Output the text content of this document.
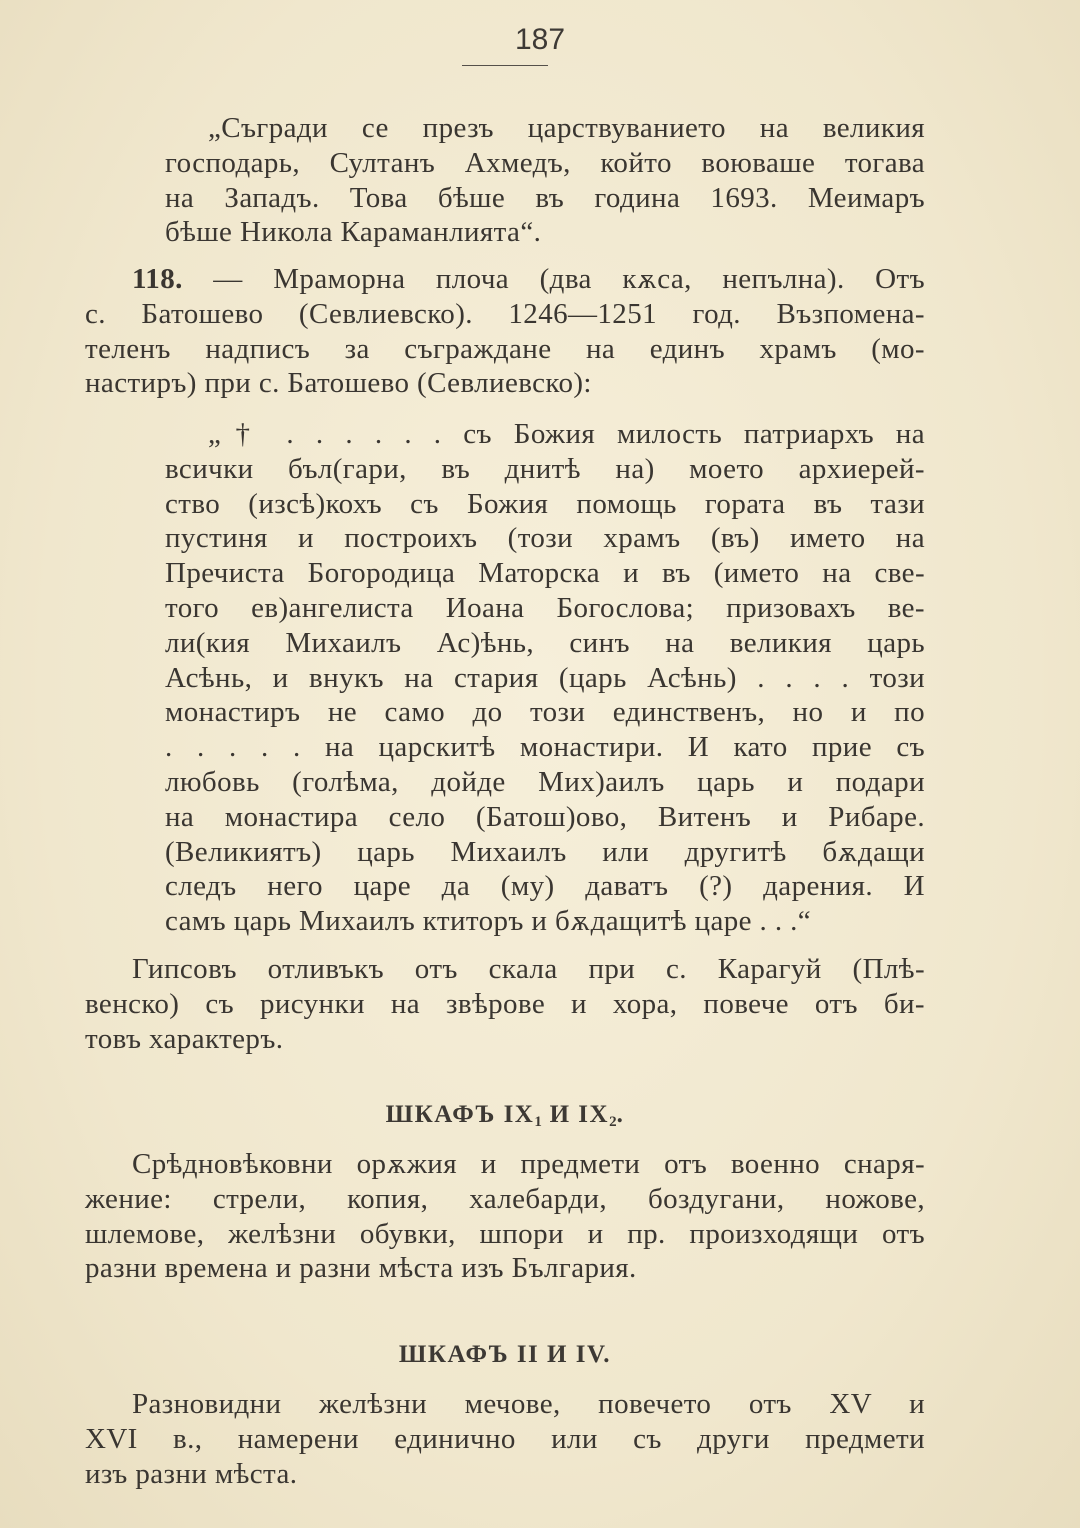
187
„Съгради се презъ царствуванието на великия
господарь, Султанъ Ахмедъ, който воюваше тогава
на Западъ. Това бѣше въ година 1693. Меимаръ
бѣше Никола Караманлията“.
118. — Мраморна плоча (два кѫса, непълна). Отъ
с. Батошево (Севлиевско). 1246—1251 год. Възпомена-
теленъ надписъ за съграждане на единъ храмъ (мо-
настиръ) при с. Батошево (Севлиевско):
„† . . . . . . съ Божия милость патриархъ на
всички бъл(гари, въ днитѣ на) моето архиерей-
ство (изсѣ)кохъ съ Божия помощь гората въ тази
пустиня и построихъ (този храмъ (въ) името на
Пречиста Богородица Маторска и въ (името на све-
того ев)ангелиста Иоана Богослова; призовахъ ве-
ли(кия Михаилъ Ас)ѣнь, синъ на великия царь
Асѣнь, и внукъ на стария (царь Асѣнь) . . . . този
монастиръ не само до този единственъ, но и по
. . . . . на царскитѣ монастири. И като прие съ
любовь (голѣма, дойде Мих)аилъ царь и подари
на монастира село (Батош)ово, Витенъ и Рибаре.
(Великиятъ) царь Михаилъ или другитѣ бѫдащи
следъ него царе да (му) даватъ (?) дарения. И
самъ царь Михаилъ ктиторъ и бѫдащитѣ царе . . .“
Гипсовъ отливъкъ отъ скала при с. Карагуй (Плѣ-
венско) съ рисунки на звѣрове и хора, повече отъ би-
товъ характеръ.
ШКАФЪ $IX_1$ И $IX_2$.
Срѣдновѣковни орѫжия и предмети отъ военно снаря-
жение: стрели, копия, халебарди, боздугани, ножове,
шлемове, желѣзни обувки, шпори и пр. произходящи отъ
разни времена и разни мѣста изъ България.
ШКАФЪ II И IV.
Разновидни желѣзни мечове, повечето отъ XV и
XVI в., намерени единично или съ други предмети
изъ разни мѣста.
